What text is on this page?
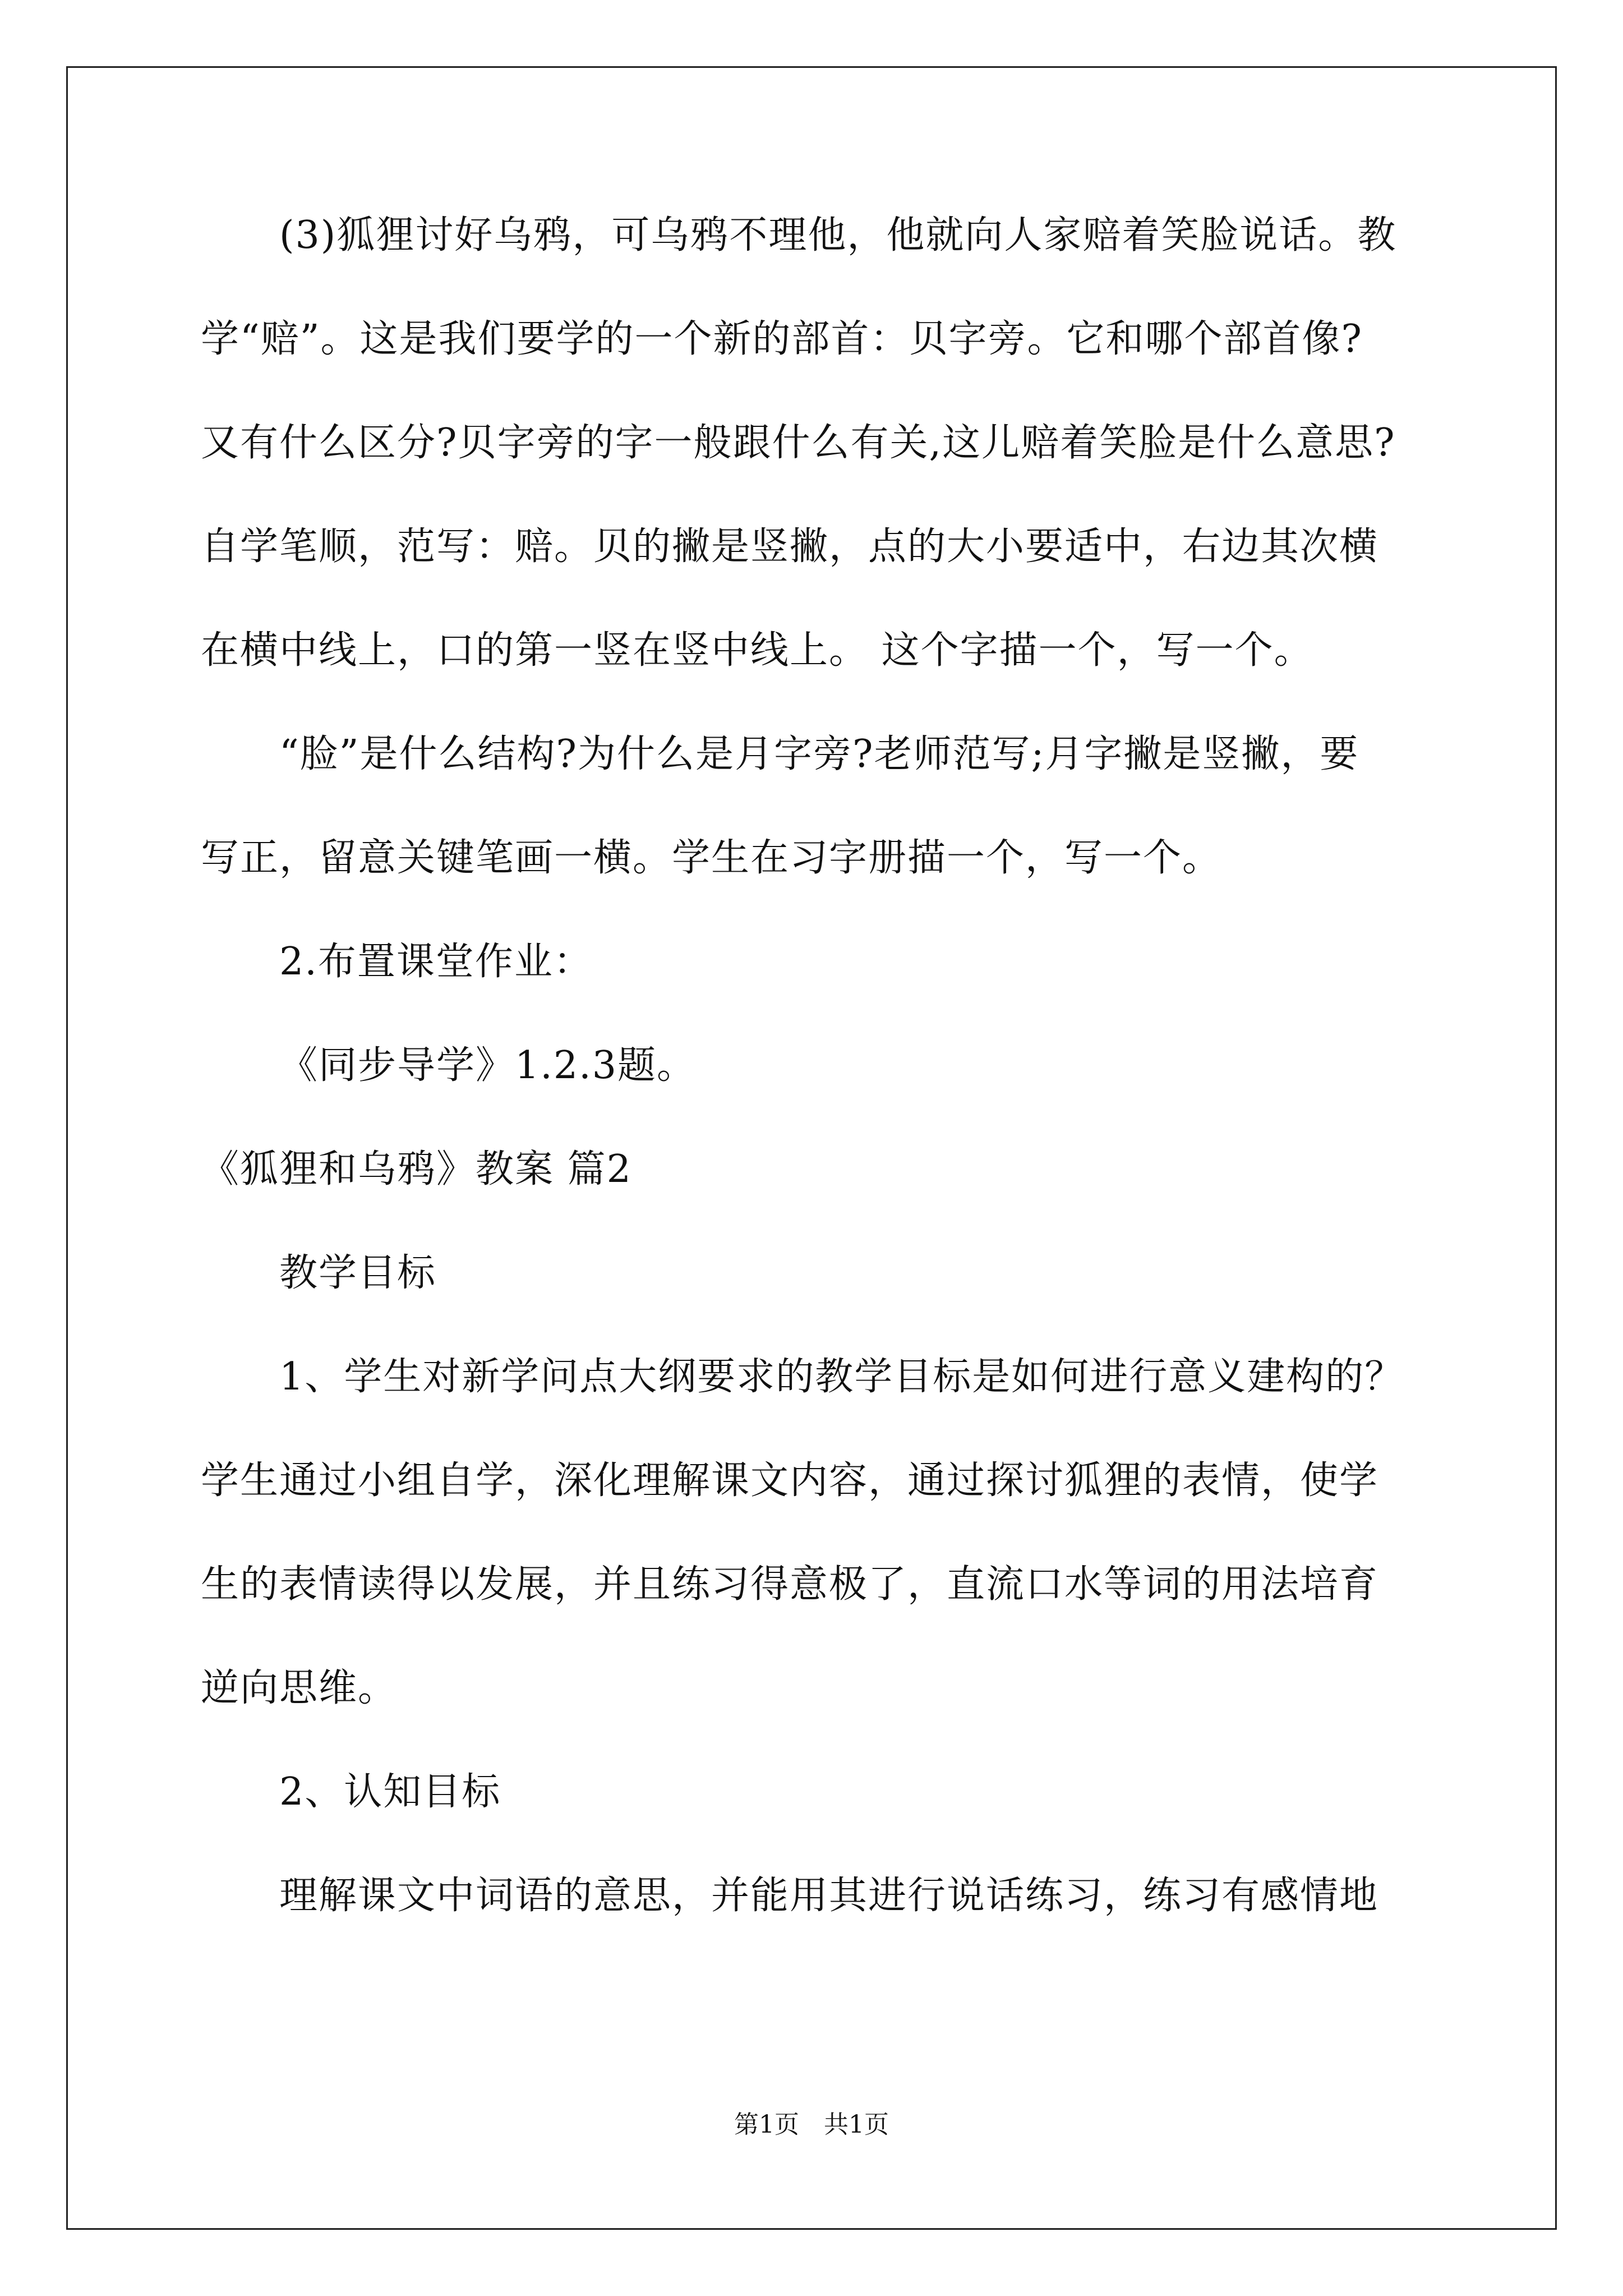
(3)狐狸讨好乌鸦，可乌鸦不理他，他就向人家赔着笑脸说话。教
学“赔”。这是我们要学的一个新的部首：贝字旁。它和哪个部首像?
又有什么区分?贝字旁的字一般跟什么有关,这儿赔着笑脸是什么意思?
自学笔顺，范写：赔。贝的撇是竖撇，点的大小要适中，右边其次横
在横中线上，口的第一竖在竖中线上。 这个字描一个，写一个。
“脸”是什么结构?为什么是月字旁?老师范写;月字撇是竖撇，要
写正，留意关键笔画一横。学生在习字册描一个，写一个。
2.布置课堂作业：
《同步导学》1.2.3题。
《狐狸和乌鸦》教案 篇2
教学目标
1、学生对新学问点大纲要求的教学目标是如何进行意义建构的？
学生通过小组自学，深化理解课文内容，通过探讨狐狸的表情，使学
生的表情读得以发展，并且练习得意极了，直流口水等词的用法培育
逆向思维。
2、认知目标
理解课文中词语的意思，并能用其进行说话练习，练习有感情地
第1页　共1页
